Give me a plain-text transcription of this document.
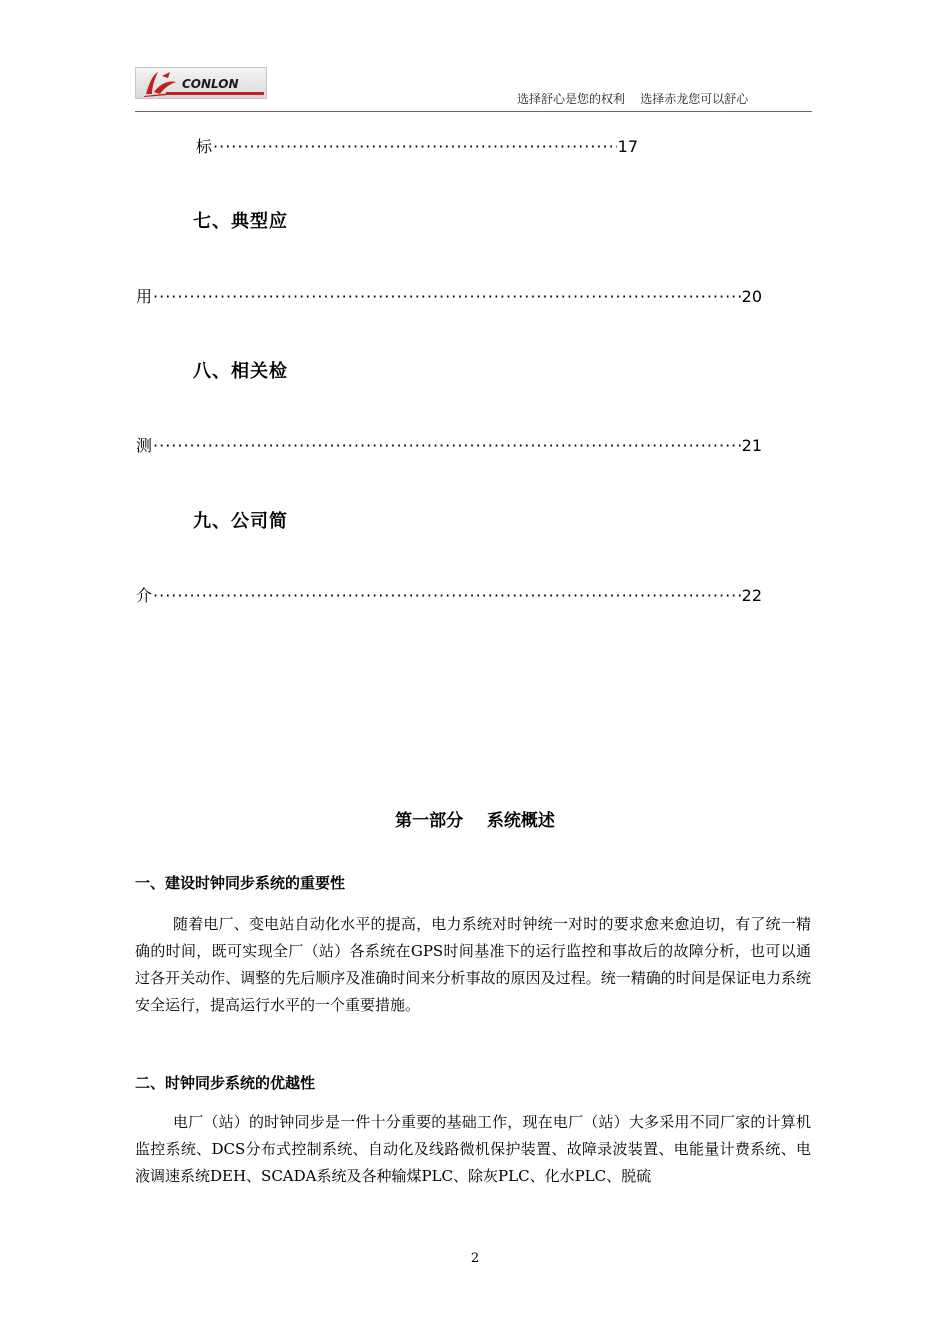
CONLON
选择舒心是您的权利    选择赤龙您可以舒心
标 ·····	17
七、典型应
用 ·····	20
八、相关检
测 ·····	21
九、公司简
介 ·····	22
第一部分    系统概述
一、建设时钟同步系统的重要性

随着电厂、变电站自动化水平的提高，电力系统对时钟统一对时的要求愈来愈迫切，有了统一精确的时间，既可实现全厂（站）各系统在GPS时间基准下的运行监控和事故后的故障分析，也可以通过各开关动作、调整的先后顺序及准确时间来分析事故的原因及过程。统一精确的时间是保证电力系统安全运行，提高运行水平的一个重要措施。

二、时钟同步系统的优越性

电厂（站）的时钟同步是一件十分重要的基础工作，现在电厂（站）大多采用不同厂家的计算机监控系统、DCS分布式控制系统、自动化及线路微机保护装置、故障录波装置、电能量计费系统、电液调速系统DEH、SCADA系统及各种输煤PLC、除灰PLC、化水PLC、脱硫

2
